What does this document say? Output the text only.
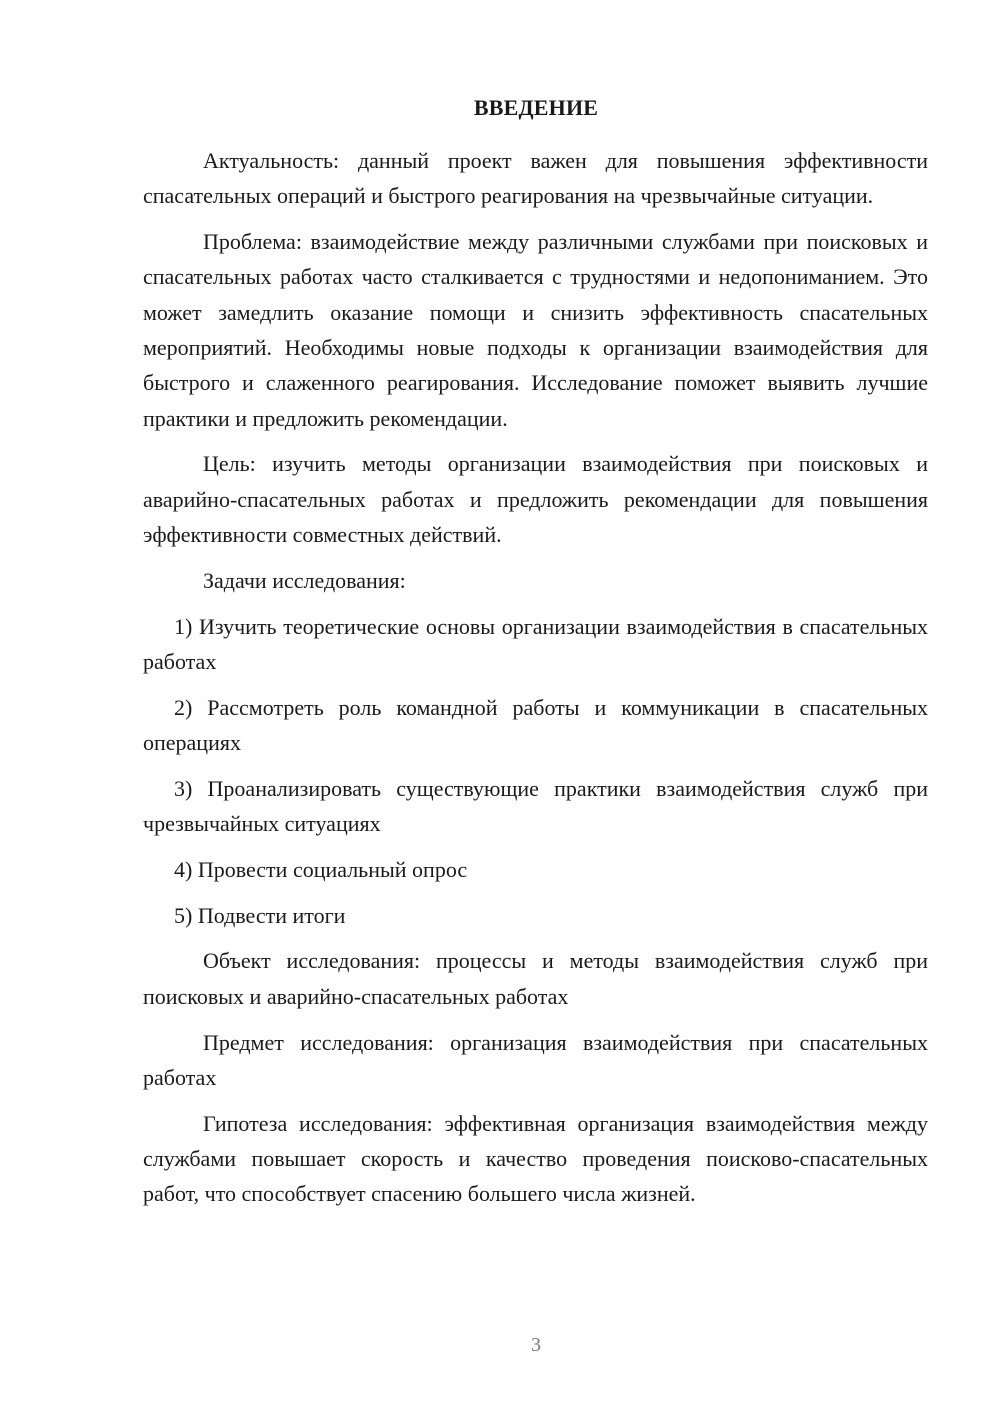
ВВЕДЕНИЕ

Актуальность: данный проект важен для повышения эффективности спасательных операций и быстрого реагирования на чрезвычайные ситуации.

Проблема: взаимодействие между различными службами при поисковых и спасательных работах часто сталкивается с трудностями и недопониманием. Это может замедлить оказание помощи и снизить эффективность спасательных мероприятий. Необходимы новые подходы к организации взаимодействия для быстрого и слаженного реагирования. Исследование поможет выявить лучшие практики и предложить рекомендации.

Цель: изучить методы организации взаимодействия при поисковых и аварийно-спасательных работах и предложить рекомендации для повышения эффективности совместных действий.

Задачи исследования:

1) Изучить теоретические основы организации взаимодействия в спасательных работах

2) Рассмотреть роль командной работы и коммуникации в спасательных операциях

3) Проанализировать существующие практики взаимодействия служб при чрезвычайных ситуациях

4) Провести социальный опрос

5) Подвести итоги

Объект исследования: процессы и методы взаимодействия служб при поисковых и аварийно-спасательных работах

Предмет исследования: организация взаимодействия при спасательных работах

Гипотеза исследования: эффективная организация взаимодействия между службами повышает скорость и качество проведения поисково-спасательных работ, что способствует спасению большего числа жизней.

3
